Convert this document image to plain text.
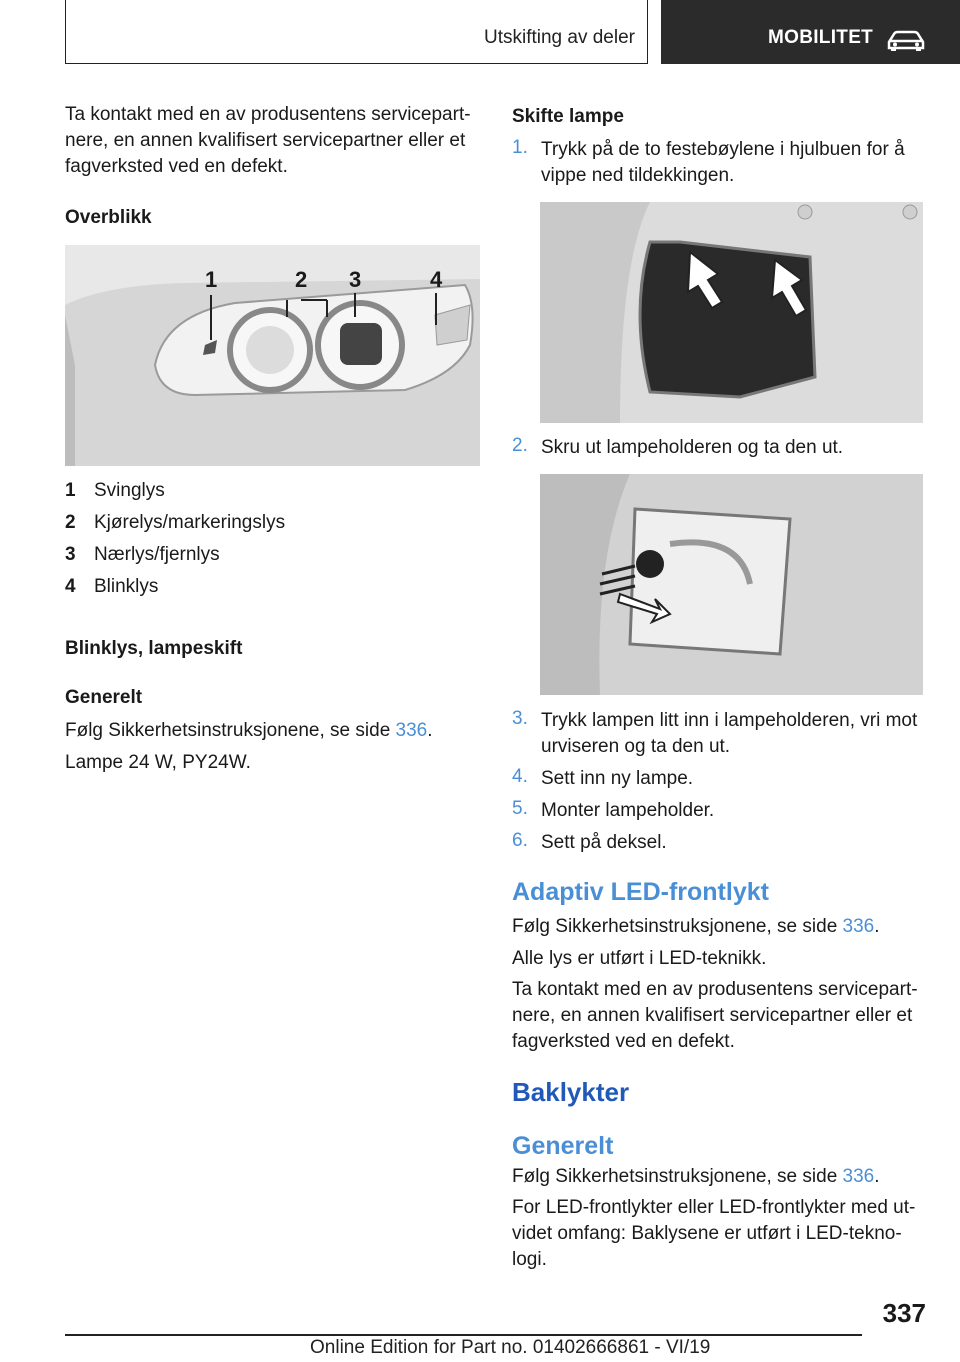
Utskifting av deler	MOBILITET
Ta kontakt med en av produsentens servicepart-
nere, en annen kvalifisert servicepartner eller et
fagverksted ved en defekt.
Overblikk
1	2 3	4
1 Svinglys
2 Kjørelys/markeringslys
3 Nærlys/fjernlys
4 Blinklys
Blinklys, lampeskift
Generelt
Følg Sikkerhetsinstruksjonene, se side 336.
Lampe 24 W, PY24W.
Skifte lampe
1. Trykk på de to festebøylene i hjulbuen for å
vippe ned tildekkingen.
2. Skru ut lampeholderen og ta den ut.
3. Trykk lampen litt inn i lampeholderen, vri mot
urviseren og ta den ut.
4. Sett inn ny lampe.
5. Monter lampeholder.
6. Sett på deksel.
Adaptiv LED-frontlykt
Følg Sikkerhetsinstruksjonene, se side 336.
Alle lys er utført i LED-teknikk.
Ta kontakt med en av produsentens servicepart-
nere, en annen kvalifisert servicepartner eller et
fagverksted ved en defekt.
Baklykter
Generelt
Følg Sikkerhetsinstruksjonene, se side 336.
For LED-frontlykter eller LED-frontlykter med ut-
videt omfang: Baklysene er utført i LED-tekno-
logi.
337
Online Edition for Part no. 01402666861 - VI/19
